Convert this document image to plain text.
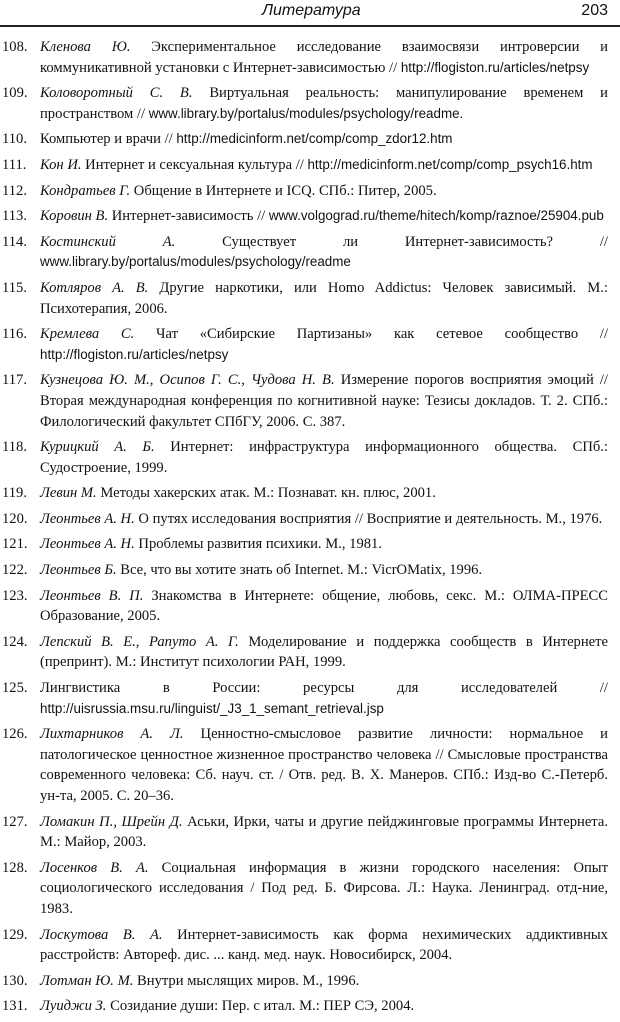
Литература	203
108. Кленова Ю. Экспериментальное исследование взаимосвязи интроверсии и коммуникативной установки с Интернет-зависимостью // http://flogiston.ru/articles/netpsy
109. Коловоротный С. В. Виртуальная реальность: манипулирование временем и пространством // www.library.by/portalus/modules/psychology/readme.
110. Компьютер и врачи // http://medicinform.net/comp/comp_zdor12.htm
111. Кон И. Интернет и сексуальная культура // http://medicinform.net/comp/comp_psych16.htm
112. Кондратьев Г. Общение в Интернете и ICQ. СПб.: Питер, 2005.
113. Коровин В. Интернет-зависимость // www.volgograd.ru/theme/hitech/komp/raznoe/25904.pub
114. Костинский А. Существует ли Интернет-зависимость? // www.library.by/portalus/modules/psychology/readme
115. Котляров А. В. Другие наркотики, или Homo Addictus: Человек зависимый. М.: Психотерапия, 2006.
116. Кремлева С. Чат «Сибирские Партизаны» как сетевое сообщество // http://flogiston.ru/articles/netpsy
117. Кузнецова Ю. М., Осипов Г. С., Чудова Н. В. Измерение порогов восприятия эмоций // Вторая международная конференция по когнитивной науке: Тезисы докладов. Т. 2. СПб.: Филологический факультет СПбГУ, 2006. С. 387.
118. Курицкий А. Б. Интернет: инфраструктура информационного общества. СПб.: Судостроение, 1999.
119. Левин М. Методы хакерских атак. М.: Познават. кн. плюс, 2001.
120. Леонтьев А. Н. О путях исследования восприятия // Восприятие и деятельность. М., 1976.
121. Леонтьев А. Н. Проблемы развития психики. М., 1981.
122. Леонтьев Б. Все, что вы хотите знать об Internet. М.: VicrOMatix, 1996.
123. Леонтьев В. П. Знакомства в Интернете: общение, любовь, секс. М.: ОЛМА-ПРЕСС Образование, 2005.
124. Лепский В. Е., Рапуто А. Г. Моделирование и поддержка сообществ в Интернете (препринт). М.: Институт психологии РАН, 1999.
125. Лингвистика в России: ресурсы для исследователей // http://uisrussia.msu.ru/linguist/_J3_1_semant_retrieval.jsp
126. Лихтарников А. Л. Ценностно-смысловое развитие личности: нормальное и патологическое ценностное жизненное пространство человека // Смысловые пространства современного человека: Сб. науч. ст. / Отв. ред. В. Х. Манеров. СПб.: Изд-во С.-Петерб. ун-та, 2005. С. 20–36.
127. Ломакин П., Шрейн Д. Аськи, Ирки, чаты и другие пейджинговые программы Интернета. М.: Майор, 2003.
128. Лосенков В. А. Социальная информация в жизни городского населения: Опыт социологического исследования / Под ред. Б. Фирсова. Л.: Наука. Ленинград. отд-ние, 1983.
129. Лоскутова В. А. Интернет-зависимость как форма нехимических аддиктивных расстройств: Автореф. дис. ... канд. мед. наук. Новосибирск, 2004.
130. Лотман Ю. М. Внутри мыслящих миров. М., 1996.
131. Луиджи З. Созидание души: Пер. с итал. М.: ПЕР СЭ, 2004.
